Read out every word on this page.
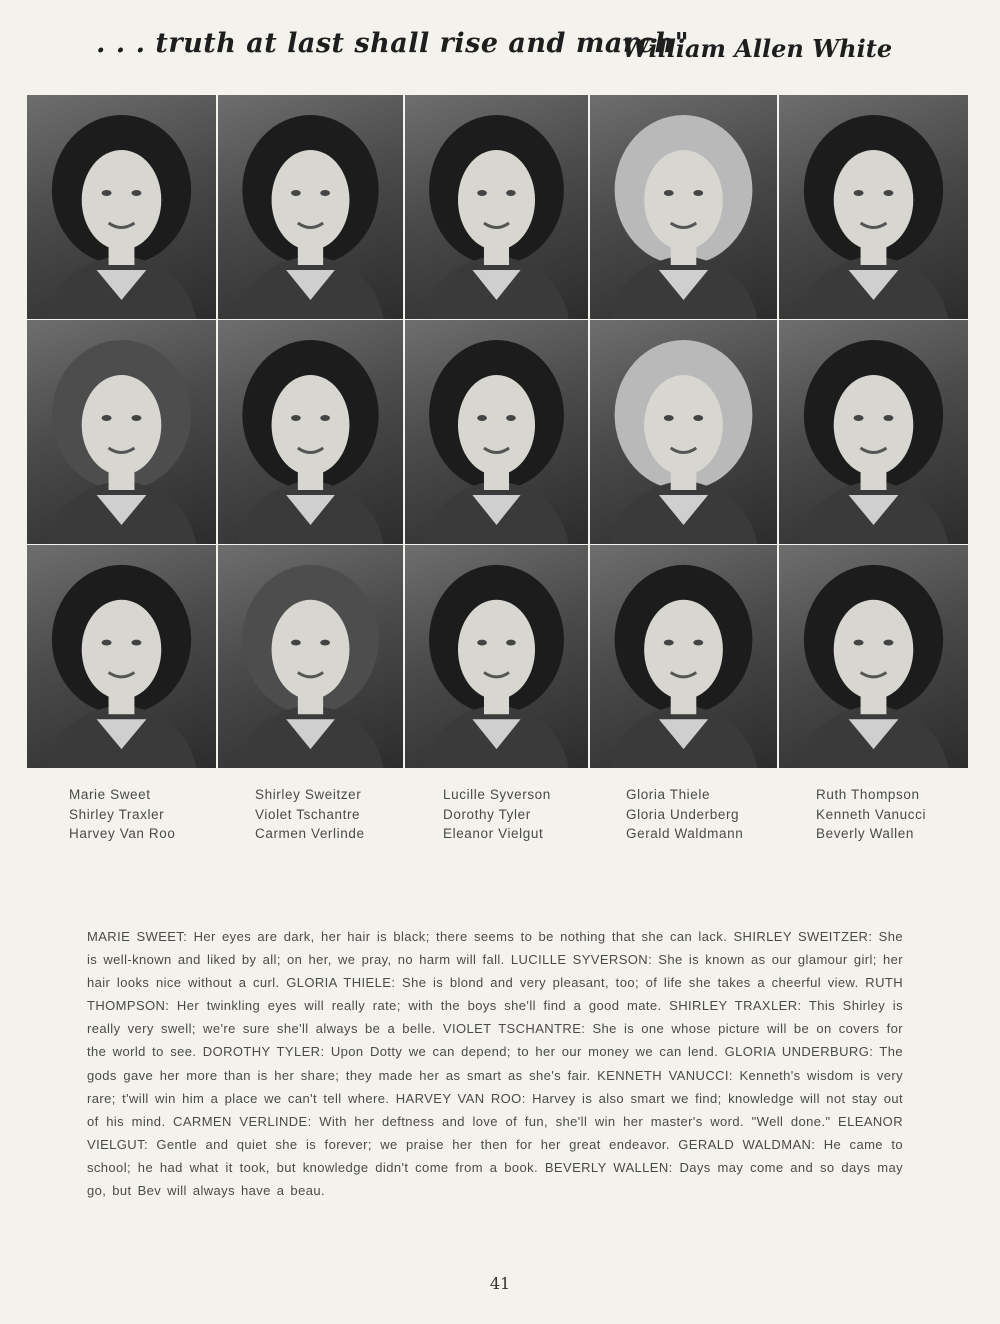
. . . truth at last shall rise and march"
William Allen White
Marie Sweet
Shirley Traxler
Harvey Van Roo
Shirley Sweitzer
Violet Tschantre
Carmen Verlinde
Lucille Syverson
Dorothy Tyler
Eleanor Vielgut
Gloria Thiele
Gloria Underberg
Gerald Waldmann
Ruth Thompson
Kenneth Vanucci
Beverly Wallen
MARIE SWEET: Her eyes are dark, her hair is black; there seems to be nothing that she can lack. SHIRLEY SWEITZER: She is well-known and liked by all; on her, we pray, no harm will fall. LUCILLE SYVERSON: She is known as our glamour girl; her hair looks nice without a curl. GLORIA THIELE: She is blond and very pleasant, too; of life she takes a cheerful view. RUTH THOMPSON: Her twinkling eyes will really rate; with the boys she'll find a good mate. SHIRLEY TRAXLER: This Shirley is really very swell; we're sure she'll always be a belle. VIOLET TSCHANTRE: She is one whose picture will be on covers for the world to see. DOROTHY TYLER: Upon Dotty we can depend; to her our money we can lend. GLORIA UNDERBURG: The gods gave her more than is her share; they made her as smart as she's fair. KENNETH VANUCCI: Kenneth's wisdom is very rare; t'will win him a place we can't tell where. HARVEY VAN ROO: Harvey is also smart we find; knowledge will not stay out of his mind. CARMEN VERLINDE: With her deftness and love of fun, she'll win her master's word. "Well done." ELEANOR VIELGUT: Gentle and quiet she is forever; we praise her then for her great endeavor. GERALD WALDMAN: He came to school; he had what it took, but knowledge didn't come from a book. BEVERLY WALLEN: Days may come and so days may go, but Bev will always have a beau.
41
